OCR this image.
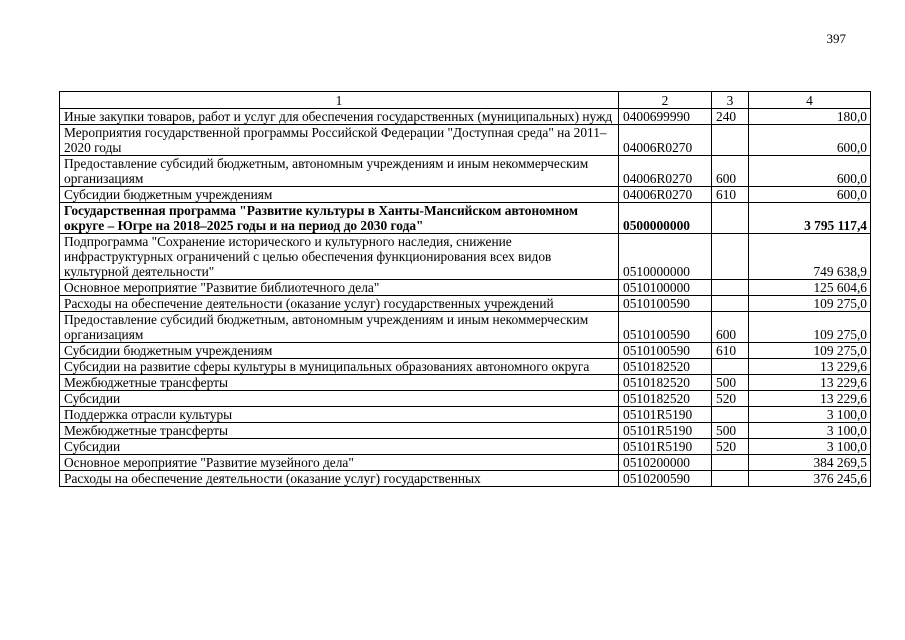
397
1	2	3	4
Иные закупки товаров, работ и услуг для обеспечения государственных (муниципальных) нужд	0400699990	240	180,0
Мероприятия государственной программы Российской Федерации "Доступная среда" на 2011–2020 годы	04006R0270		600,0
Предоставление субсидий бюджетным, автономным учреждениям и иным некоммерческим организациям	04006R0270	600	600,0
Субсидии бюджетным учреждениям	04006R0270	610	600,0
Государственная программа "Развитие культуры в Ханты-Мансийском автономном округе – Югре на 2018–2025 годы и на период до 2030 года"	0500000000		3 795 117,4
Подпрограмма "Сохранение исторического и культурного наследия, снижение инфраструктурных ограничений с целью обеспечения функционирования всех видов культурной деятельности"	0510000000		749 638,9
Основное мероприятие "Развитие библиотечного дела"	0510100000		125 604,6
Расходы на обеспечение деятельности (оказание услуг) государственных учреждений	0510100590		109 275,0
Предоставление субсидий бюджетным, автономным учреждениям и иным некоммерческим организациям	0510100590	600	109 275,0
Субсидии бюджетным учреждениям	0510100590	610	109 275,0
Субсидии на развитие сферы культуры в муниципальных образованиях автономного округа	0510182520		13 229,6
Межбюджетные трансферты	0510182520	500	13 229,6
Субсидии	0510182520	520	13 229,6
Поддержка отрасли культуры	05101R5190		3 100,0
Межбюджетные трансферты	05101R5190	500	3 100,0
Субсидии	05101R5190	520	3 100,0
Основное мероприятие "Развитие музейного дела"	0510200000		384 269,5
Расходы на обеспечение деятельности (оказание услуг) государственных	0510200590		376 245,6
